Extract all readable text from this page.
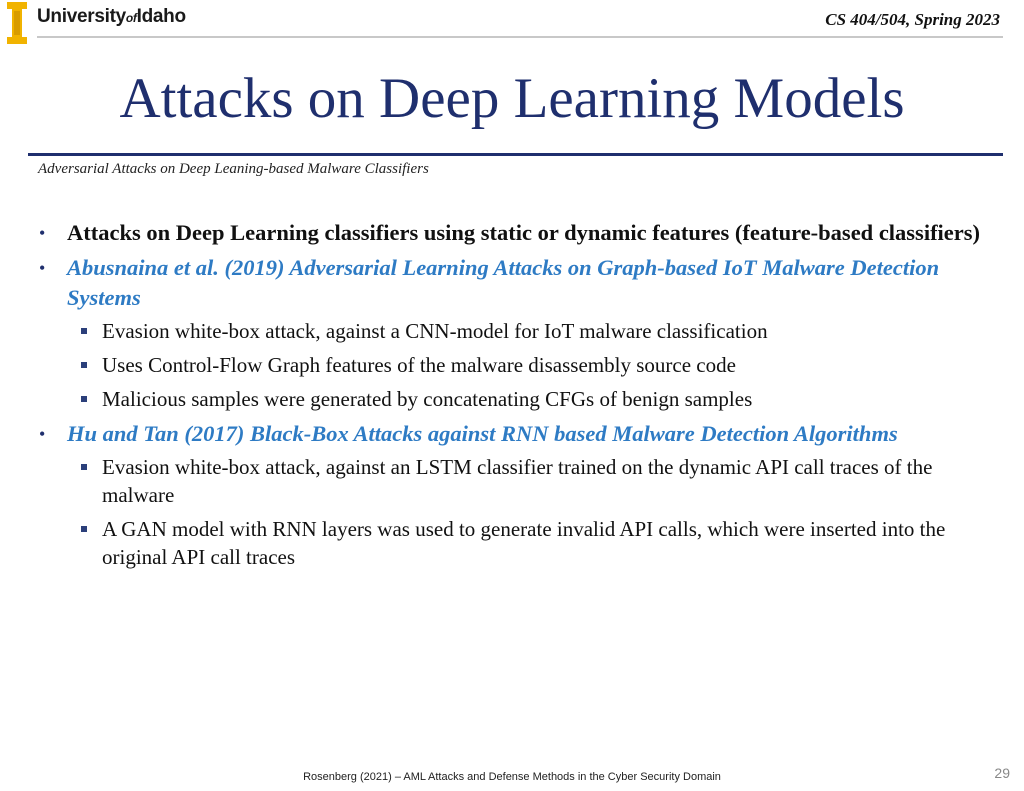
UniversityofIdaho	CS 404/504, Spring 2023
Attacks on Deep Learning Models
Adversarial Attacks on Deep Leaning-based Malware Classifiers
• Attacks on Deep Learning classifiers using static or dynamic features (feature-based classifiers)
• Abusnaina et al. (2019) Adversarial Learning Attacks on Graph-based IoT Malware Detection Systems
Evasion white-box attack, against a CNN-model for IoT malware classification
Uses Control-Flow Graph features of the malware disassembly source code
Malicious samples were generated by concatenating CFGs of benign samples
• Hu and Tan (2017) Black-Box Attacks against RNN based Malware Detection Algorithms
Evasion white-box attack, against an LSTM classifier trained on the dynamic API call traces of the malware
A GAN model with RNN layers was used to generate invalid API calls, which were inserted into the original API call traces
Rosenberg (2021) – AML Attacks and Defense Methods in the Cyber Security Domain	29
